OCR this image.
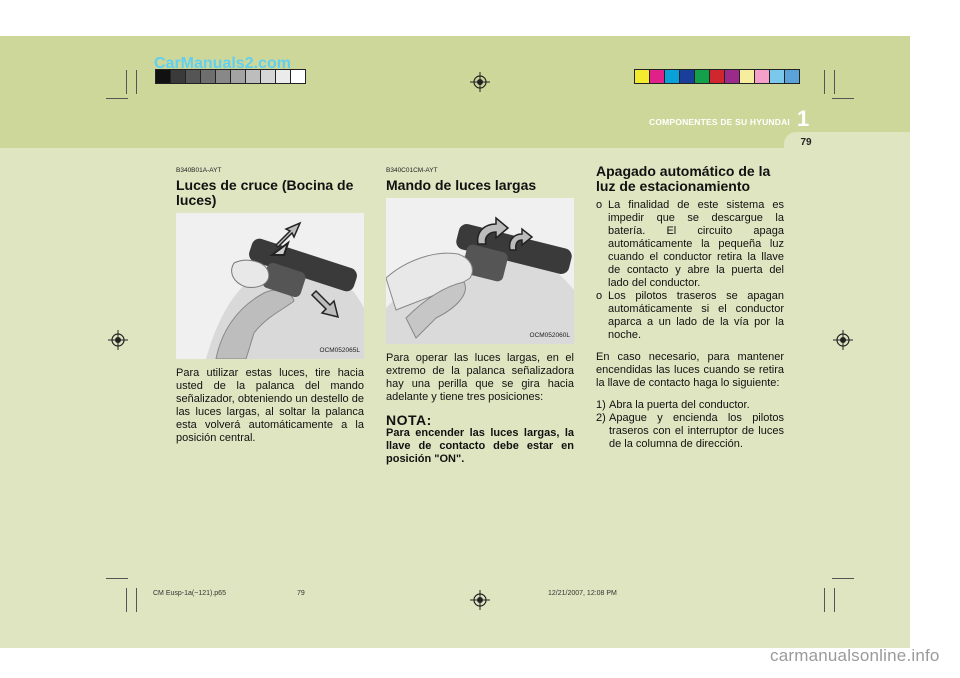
79
1
COMPONENTES DE SU HYUNDAI
B340B01A-AYT
Luces de cruce (Bocina de luces)
OCM052065L

Para utilizar estas luces, tire hacia usted de la palanca del mando señalizador, obteniendo un destello de las luces largas, al soltar la palanca esta volverá automáticamente a la posición central.

B340C01CM-AYT
Mando de luces largas
OCM052060L

Para operar las luces largas, en el extremo de la palanca señalizadora hay una perilla que se gira hacia adelante y tiene tres posiciones:

NOTA:
Para encender las luces largas, la llave de contacto debe estar en posición "ON".
Apagado automático de la luz de estacionamiento
o La finalidad de este sistema es impedir que se descargue la batería. El circuito apaga automáticamente la pequeña luz cuando el conductor retira la llave de contacto y abre la puerta del lado del conductor.
o Los pilotos traseros se apagan automáticamente si el conductor aparca a un lado de la vía por la noche.

En caso necesario, para mantener encendidas las luces cuando se retira la llave de contacto haga lo siguiente:

1) Abra la puerta del conductor.
2) Apague y encienda los pilotos traseros con el interruptor de luces de la columna de dirección.
CarManuals2.com
CM Eusp-1a(~121).p65	79	12/21/2007, 12:08 PM
carmanualsonline.info
